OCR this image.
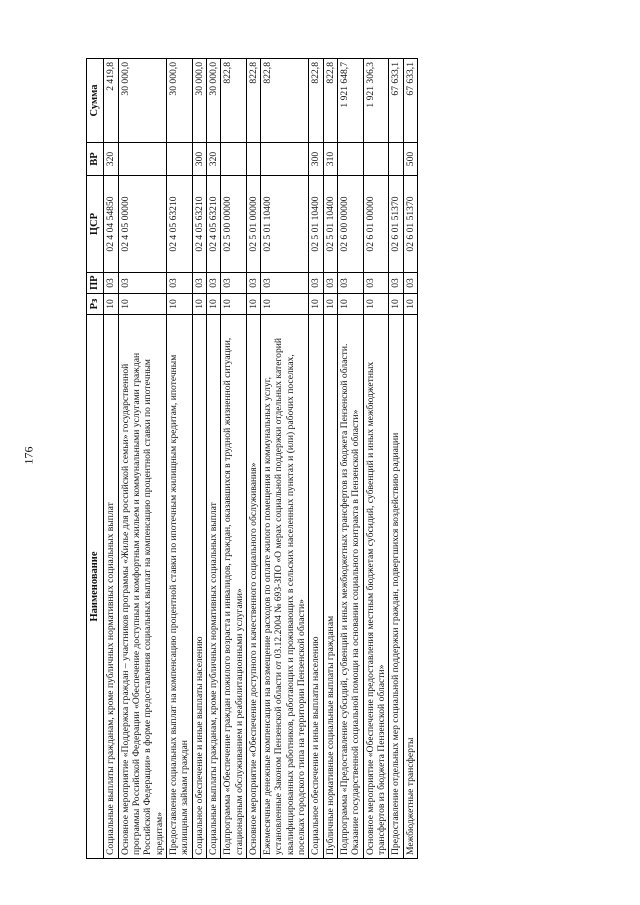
176
Наименование	Рз	ПР	ЦСР	ВР	Сумма
Социальные выплаты гражданам, кроме публичных нормативных социальных выплат	10	03	02 4 04 54850	320	2 419,8
Основное мероприятие «Поддержка граждан – участников программы «Жилье для российской семьи» государственной программы Российской Федерации «Обеспечение доступным и комфортным жильем и коммунальными услугами граждан Российской Федерации» в форме предоставления социальных выплат на компенсацию процентной ставки по ипотечным кредитам»	10	03	02 4 05 00000		30 000,0
Предоставление социальных выплат на компенсацию процентной ставки по ипотечным жилищным кредитам, ипотечным жилищным займам граждан	10	03	02 4 05 63210		30 000,0
Социальное обеспечение и иные выплаты населению	10	03	02 4 05 63210	300	30 000,0
Социальные выплаты гражданам, кроме публичных нормативных социальных выплат	10	03	02 4 05 63210	320	30 000,0
Подпрограмма «Обеспечение граждан пожилого возраста и инвалидов, граждан, оказавшихся в трудной жизненной ситуации, стационарным обслуживанием и реабилитационными услугами»	10	03	02 5 00 00000		822,8
Основное мероприятие «Обеспечение доступного и качественного социального обслуживания»	10	03	02 5 01 00000		822,8
Ежемесячные денежные компенсации на возмещение расходов по оплате жилого помещения и коммунальных услуг, установленные Законом Пензенской области от 03.12.2004 № 693-ЗПО «О мерах социальной поддержки отдельных категорий квалифицированных работников, работающих и проживающих в сельских населенных пунктах и (или) рабочих поселках, поселках городского типа на территории Пензенской области»	10	03	02 5 01 10400		822,8
Социальное обеспечение и иные выплаты населению	10	03	02 5 01 10400	300	822,8
Публичные нормативные социальные выплаты гражданам	10	03	02 5 01 10400	310	822,8
Подпрограмма «Предоставление субсидий, субвенций и иных межбюджетных трансфертов из бюджета Пензенской области. Оказание государственной социальной помощи на основании социального контракта в Пензенской области»	10	03	02 6 00 00000		1 921 648,7
Основное мероприятие «Обеспечение предоставления местным бюджетам субсидий, субвенций и иных межбюджетных трансфертов из бюджета Пензенской области»	10	03	02 6 01 00000		1 921 306,3
Предоставление отдельных мер социальной поддержки граждан, подвергшихся воздействию радиации	10	03	02 6 01 51370		67 633,1
Межбюджетные трансферты	10	03	02 6 01 51370	500	67 633,1
